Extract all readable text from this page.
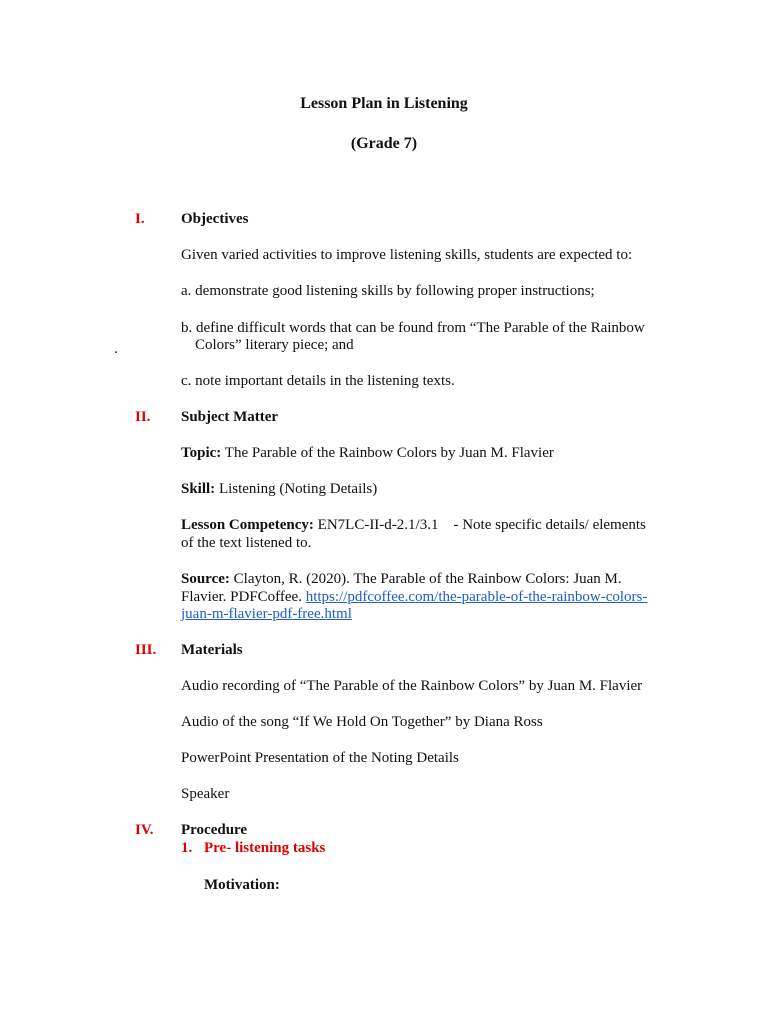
Lesson Plan in Listening
(Grade 7)
I. Objectives
Given varied activities to improve listening skills, students are expected to:
a. demonstrate good listening skills by following proper instructions;
b. define difficult words that can be found from “The Parable of the Rainbow
Colors” literary piece; and
.
c. note important details in the listening texts.
II. Subject Matter
Topic: The Parable of the Rainbow Colors by Juan M. Flavier
Skill: Listening (Noting Details)
Lesson Competency: EN7LC-II-d-2.1/3.1    - Note specific details/ elements
of the text listened to.
Source: Clayton, R. (2020). The Parable of the Rainbow Colors: Juan M.
Flavier. PDFCoffee. https://pdfcoffee.com/the-parable-of-the-rainbow-colors-
juan-m-flavier-pdf-free.html
III. Materials
Audio recording of “The Parable of the Rainbow Colors” by Juan M. Flavier
Audio of the song “If We Hold On Together” by Diana Ross
PowerPoint Presentation of the Noting Details
Speaker
IV. Procedure
1. Pre- listening tasks
Motivation:
